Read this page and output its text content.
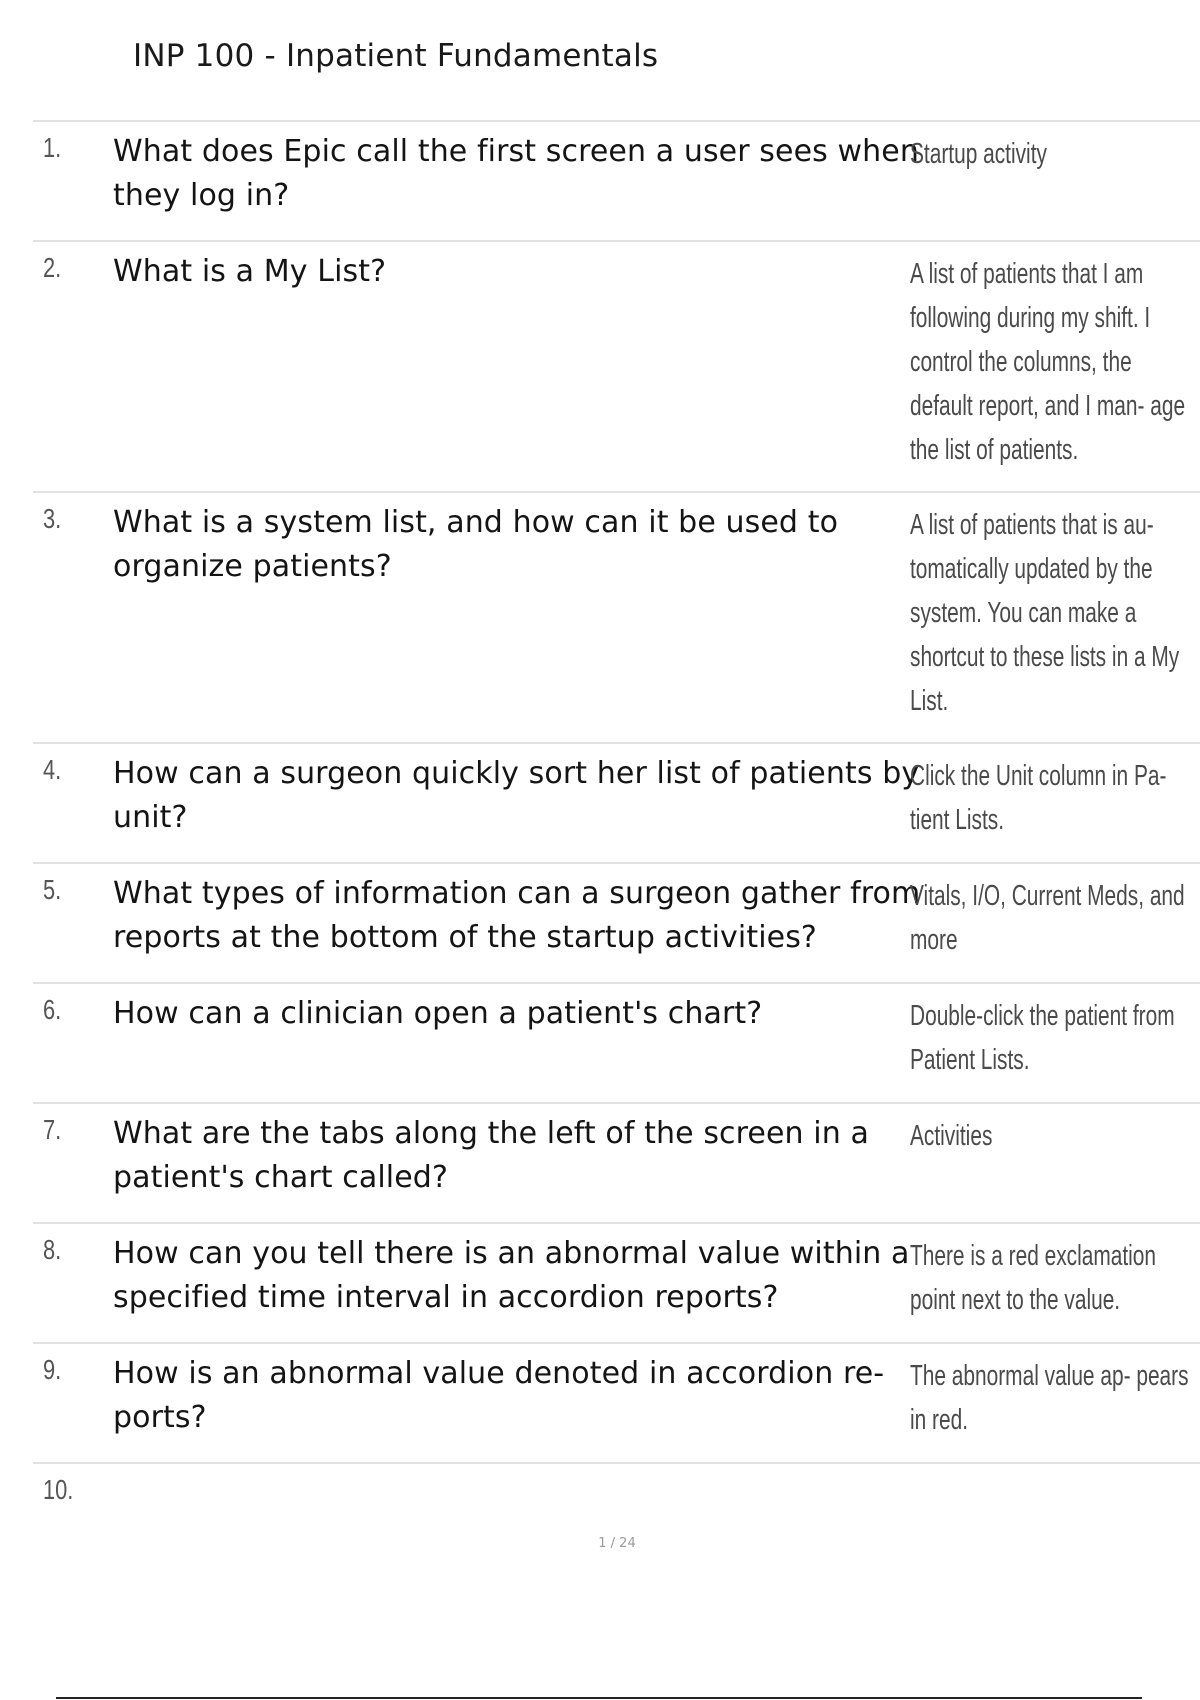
INP 100 - Inpatient Fundamentals
1. What does Epic call the first screen a user sees when they log in?
Startup activity
2. What is a My List?	A list of patients that I am following during my shift. I control the columns, the default report, and I man- age the list of patients.
3. What is a system list, and how can it be used to organize patients?
A list of patients that is au- tomatically updated by the system. You can make a shortcut to these lists in a My List.
4. How can a surgeon quickly sort her list of patients by unit?
Click the Unit column in Pa- tient Lists.
5. What types of information can a surgeon gather from reports at the bottom of the startup activities?
Vitals, I/O, Current Meds, and more
6. How can a clinician open a patient's chart?	Double-click the patient from Patient Lists.
7. What are the tabs along the left of the screen in a patient's chart called?
Activities
8. How can you tell there is an abnormal value within a specified time interval in accordion reports?
There is a red exclamation point next to the value.
9. How is an abnormal value denoted in accordion re- ports?
The abnormal value ap- pears in red.
10.
1 / 24
